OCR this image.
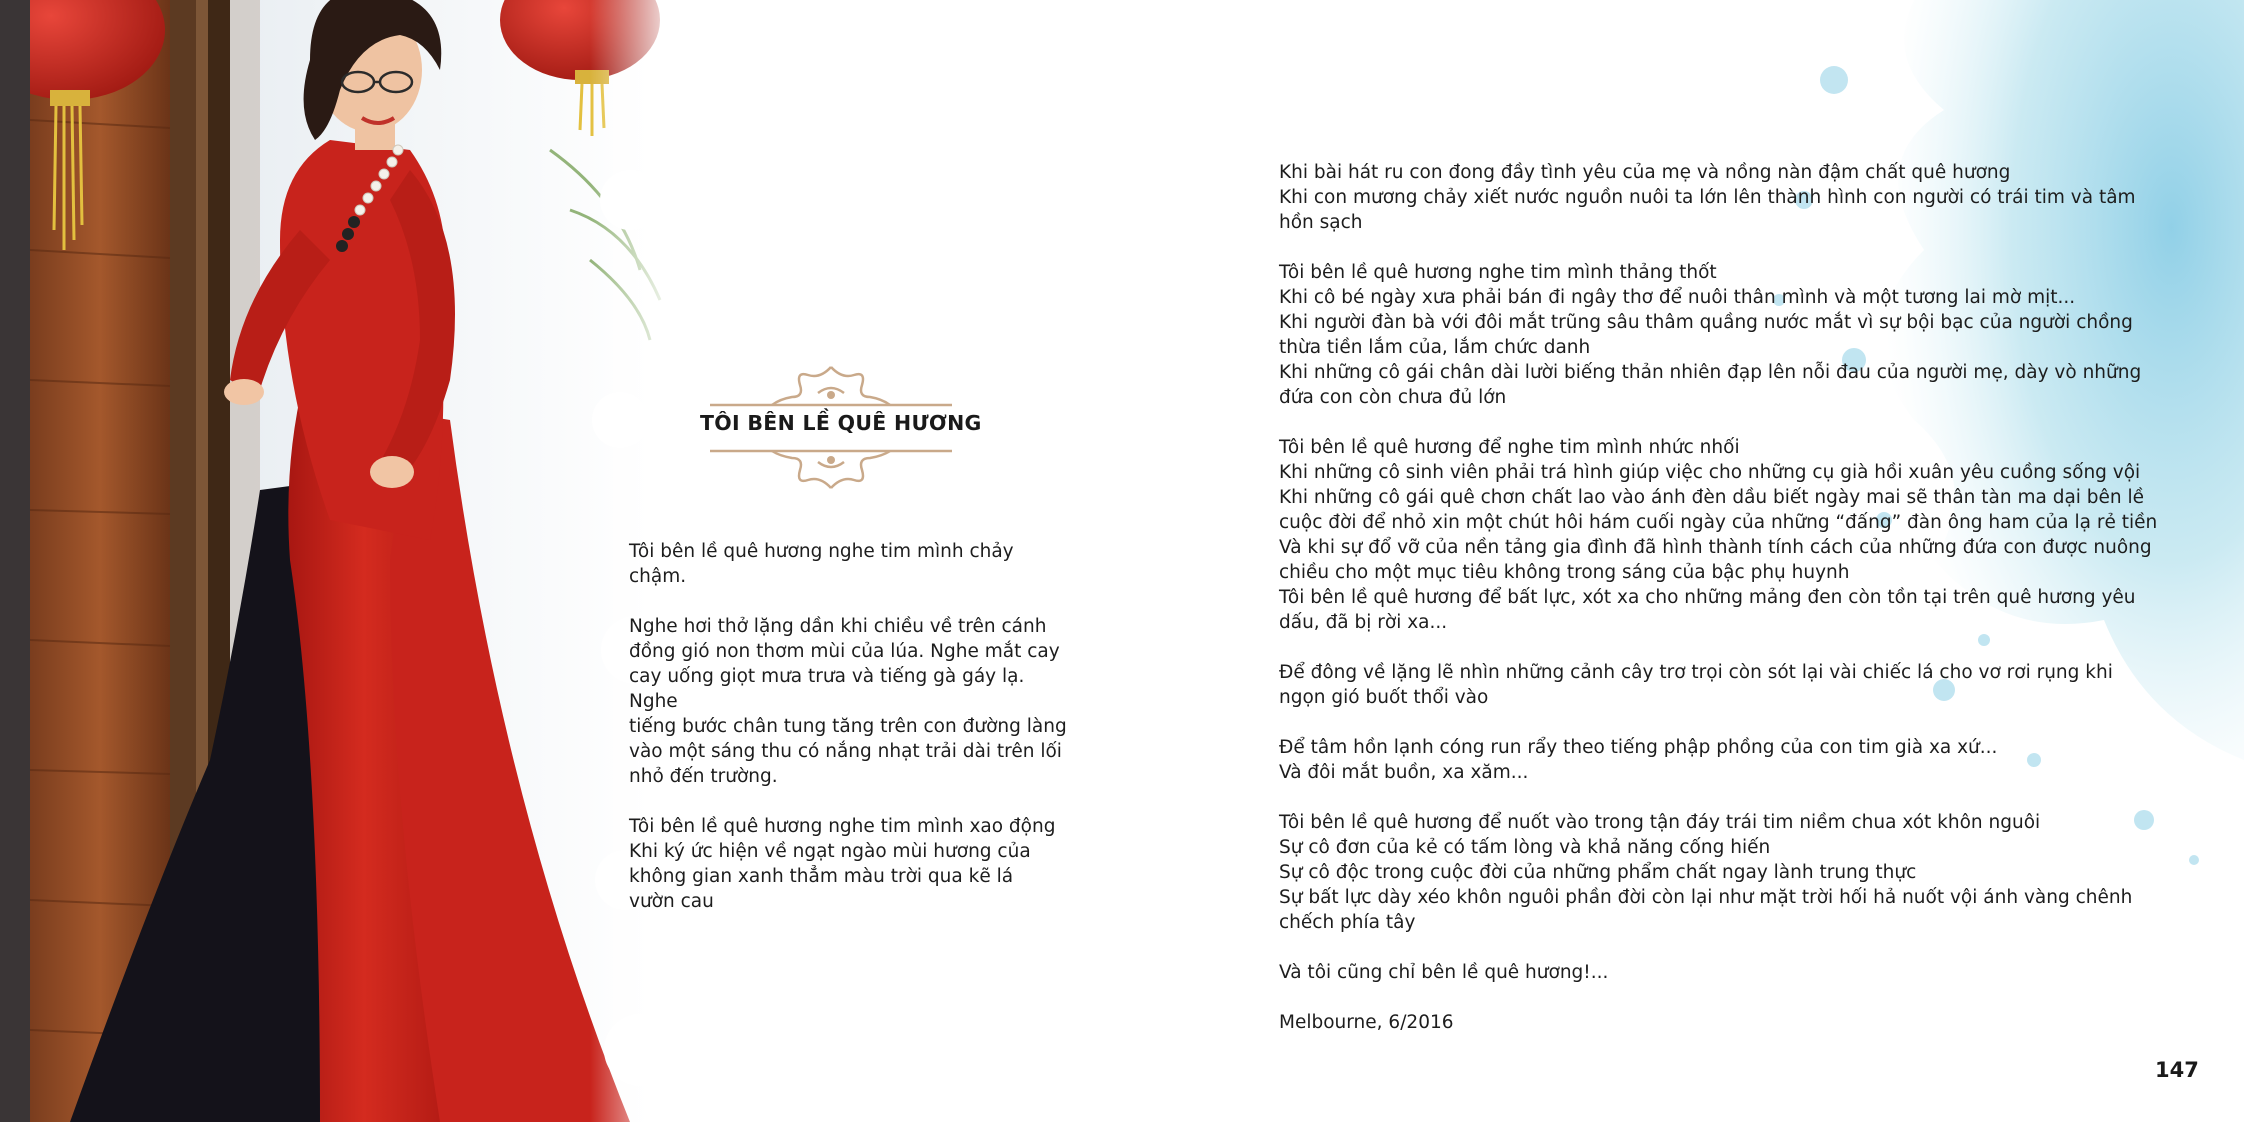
TÔI BÊN LỀ QUÊ HƯƠNG
Tôi bên lề quê hương nghe tim mình chảy chậm.
Nghe hơi thở lặng dần khi chiều về trên cánh
đồng gió non thơm mùi của lúa. Nghe mắt cay
cay uống giọt mưa trưa và tiếng gà gáy lạ. Nghe
tiếng bước chân tung tăng trên con đường làng
vào một sáng thu có nắng nhạt trải dài trên lối
nhỏ đến trường.
Tôi bên lề quê hương nghe tim mình xao động
Khi ký ức hiện về ngạt ngào mùi hương của
không gian xanh thẳm màu trời qua kẽ lá
vườn cau
Khi bài hát ru con đong đầy tình yêu của mẹ và nồng nàn đậm chất quê hương
Khi con mương chảy xiết nước nguồn nuôi ta lớn lên thành hình con người có trái tim và tâm
hồn sạch
Tôi bên lề quê hương nghe tim mình thảng thốt
Khi cô bé ngày xưa phải bán đi ngây thơ để nuôi thân mình và một tương lai mờ mịt...
Khi người đàn bà với đôi mắt trũng sâu thâm quầng nước mắt vì sự bội bạc của người chồng
thừa tiền lắm của, lắm chức danh
Khi những cô gái chân dài lười biếng thản nhiên đạp lên nỗi đau của người mẹ, dày vò những
đứa con còn chưa đủ lớn
Tôi bên lề quê hương để nghe tim mình nhức nhối
Khi những cô sinh viên phải trá hình giúp việc cho những cụ già hồi xuân yêu cuồng sống vội
Khi những cô gái quê chơn chất lao vào ánh đèn dầu biết ngày mai sẽ thân tàn ma dại bên lề
cuộc đời để nhỏ xin một chút hôi hám cuối ngày của những “đấng” đàn ông ham của lạ rẻ tiền
Và khi sự đổ vỡ của nền tảng gia đình đã hình thành tính cách của những đứa con được nuông
chiều cho một mục tiêu không trong sáng của bậc phụ huynh
Tôi bên lề quê hương để bất lực, xót xa cho những mảng đen còn tồn tại trên quê hương yêu
dấu, đã bị rời xa...
Để đông về lặng lẽ nhìn những cảnh cây trơ trọi còn sót lại vài chiếc lá cho vơ rơi rụng khi
ngọn gió buốt thổi vào
Để tâm hồn lạnh cóng run rẩy theo tiếng phập phồng của con tim già xa xứ...
Và đôi mắt buồn, xa xăm...
Tôi bên lề quê hương để nuốt vào trong tận đáy trái tim niềm chua xót khôn nguôi
Sự cô đơn của kẻ có tấm lòng và khả năng cống hiến
Sự cô độc trong cuộc đời của những phẩm chất ngay lành trung thực
Sự bất lực dày xéo khôn nguôi phần đời còn lại như mặt trời hối hả nuốt vội ánh vàng chênh
chếch phía tây
Và tôi cũng chỉ bên lề quê hương!...
Melbourne, 6/2016
147
